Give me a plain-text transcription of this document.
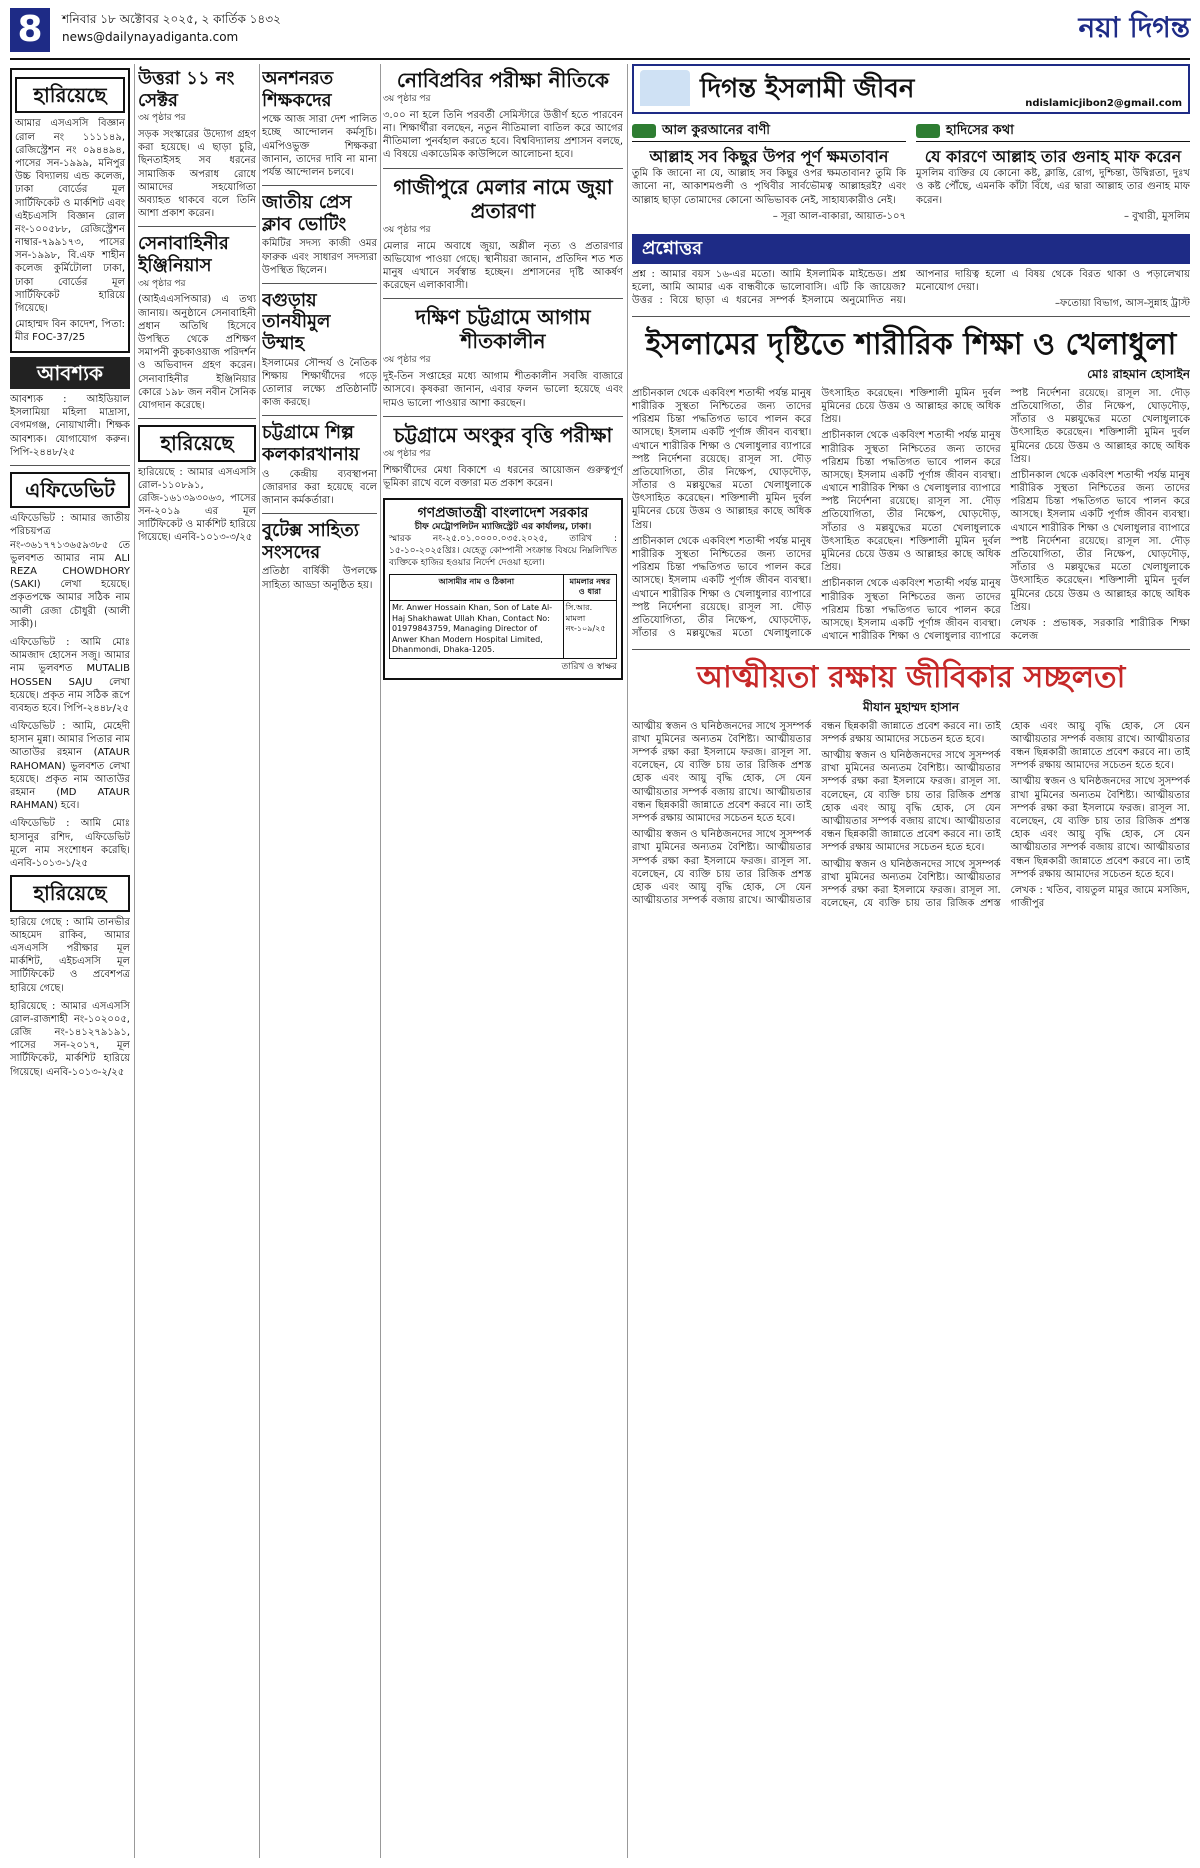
8	শনিবার ১৮ অক্টোবর ২০২৫, ২ কার্তিক ১৪৩২
news@dailynayadiganta.com	নয়া দিগন্ত
হারিয়েছে

আমার এসএসসি বিজ্ঞান রোল নং ১১১১৪৯, রেজিস্ট্রেশন নং ০৯৪৪৯৪, পাসের সন-১৯৯৯, মনিপুর উচ্চ বিদ্যালয় এন্ড কলেজ, ঢাকা বোর্ডের মূল সার্টিফিকেট ও মার্কশিট এবং এইচএসসি বিজ্ঞান রোল নং-১০০৫৮৮, রেজিস্ট্রেশন নাম্বার-৭৯৯১৭৩, পাসের সন-১৯৯৮, বি.এফ শাহীন কলেজ কুর্মিটোলা ঢাকা, ঢাকা বোর্ডের মূল সার্টিফিকেট হারিয়ে গিয়েছে।

মোহাম্মদ বিন কাদেশ, পিতা: মীর FOC-37/25

আবশ্যক

আবশ্যক : আইডিয়াল ইসলামিয়া মহিলা মাদ্রাসা, বেগমগঞ্জ, নোয়াখালী। শিক্ষক আবশ্যক। যোগাযোগ করুন। পিপি-২৪৪৮/২৫

এফিডেভিট

এফিডেভিট : আমার জাতীয় পরিচয়পত্র নং-৩৬১৭৭১৩৬৫৯৩৮৫ তে ভুলবশত আমার নাম ALI REZA CHOWDHORY (SAKI) লেখা হয়েছে। প্রকৃতপক্ষে আমার সঠিক নাম আলী রেজা চৌধুরী (আলী সাকী)।

এফিডেভিট : আমি মোঃ আমজাদ হোসেন সজু। আমার নাম ভুলবশত MUTALIB HOSSEN SAJU লেখা হয়েছে। প্রকৃত নাম সঠিক রূপে ব্যবহৃত হবে। পিপি-২৪৪৮/২৫

এফিডেভিট : আমি, মেহেদী হাসান মুন্না। আমার পিতার নাম আতাউর রহমান (ATAUR RAHOMAN) ভুলবশত লেখা হয়েছে। প্রকৃত নাম আতাউর রহমান (MD ATAUR RAHMAN) হবে।

এফিডেভিট : আমি মোঃ হাসানুর রশিদ, এফিডেভিট মূলে নাম সংশোধন করেছি। এনবি-১০১৩-১/২৫

হারিয়েছে

হারিয়ে গেছে : আমি তানভীর আহমেদ রাকিব, আমার এসএসসি পরীক্ষার মূল মার্কশিট, এইচএসসি মূল সার্টিফিকেট ও প্রবেশপত্র হারিয়ে গেছে।

হারিয়েছে : আমার এসএসসি রোল-রাজশাহী নং-১০২০০৫, রেজি নং-১৪১২৭৯১৯১, পাসের সন-২০১৭, মূল সার্টিফিকেট, মার্কশিট হারিয়ে গিয়েছে। এনবি-১০১৩-২/২৫

উত্তরা ১১ নং সেক্টর
৩য় পৃষ্ঠার পর

সড়ক সংস্কারের উদ্যোগ গ্রহণ করা হয়েছে। এ ছাড়া চুরি, ছিনতাইসহ সব ধরনের সামাজিক অপরাধ রোধে আমাদের সহযোগিতা অব্যাহত থাকবে বলে তিনি আশা প্রকাশ করেন।

সেনাবাহিনীর ইঞ্জিনিয়াস
৩য় পৃষ্ঠার পর

(আইএএসপিআর) এ তথ্য জানায়। অনুষ্ঠানে সেনাবাহিনী প্রধান অতিথি হিসেবে উপস্থিত থেকে প্রশিক্ষণ সমাপনী কুচকাওয়াজ পরিদর্শন ও অভিবাদন গ্রহণ করেন। সেনাবাহিনীর ইঞ্জিনিয়ার কোরে ১৯৮ জন নবীন সৈনিক যোগদান করেছে।

হারিয়েছে

হারিয়েছে : আমার এসএসসি রোল-১১০৮৯১, রেজি-১৬১৩৯৩০৬৩, পাসের সন-২০১৯ এর মূল সার্টিফিকেট ও মার্কশিট হারিয়ে গিয়েছে। এনবি-১০১৩-৩/২৫

অনশনরত শিক্ষকদের

পক্ষে আজ সারা দেশ পালিত হচ্ছে আন্দোলন কর্মসূচি। এমপিওভুক্ত শিক্ষকরা জানান, তাদের দাবি না মানা পর্যন্ত আন্দোলন চলবে।

জাতীয় প্রেস ক্লাব ভোটিং

কমিটির সদস্য কাজী ওমর ফারুক এবং সাধারণ সদস্যরা উপস্থিত ছিলেন।

বগুড়ায় তানযীমুল উম্মাহ

ইসলামের সৌন্দর্য ও নৈতিক শিক্ষায় শিক্ষার্থীদের গড়ে তোলার লক্ষ্যে প্রতিষ্ঠানটি কাজ করছে।

চট্টগ্রামে শিল্প কলকারখানায়

ও কেন্দ্রীয় ব্যবস্থাপনা জোরদার করা হয়েছে বলে জানান কর্মকর্তারা।

বুটেক্স সাহিত্য সংসদের

প্রতিষ্ঠা বার্ষিকী উপলক্ষে সাহিত্য আড্ডা অনুষ্ঠিত হয়।

নোবিপ্রবির পরীক্ষা নীতিকে
৩য় পৃষ্ঠার পর

৩.০০ না হলে তিনি পরবর্তী সেমিস্টারে উত্তীর্ণ হতে পারবেন না। শিক্ষার্থীরা বলছেন, নতুন নীতিমালা বাতিল করে আগের নীতিমালা পুনর্বহাল করতে হবে। বিশ্ববিদ্যালয় প্রশাসন বলছে, এ বিষয়ে একাডেমিক কাউন্সিলে আলোচনা হবে।

গাজীপুরে মেলার নামে জুয়া প্রতারণা
৩য় পৃষ্ঠার পর

মেলার নামে অবাধে জুয়া, অশ্লীল নৃত্য ও প্রতারণার অভিযোগ পাওয়া গেছে। স্থানীয়রা জানান, প্রতিদিন শত শত মানুষ এখানে সর্বস্বান্ত হচ্ছেন। প্রশাসনের দৃষ্টি আকর্ষণ করেছেন এলাকাবাসী।

দক্ষিণ চট্টগ্রামে আগাম শীতকালীন
৩য় পৃষ্ঠার পর

দুই-তিন সপ্তাহের মধ্যে আগাম শীতকালীন সবজি বাজারে আসবে। কৃষকরা জানান, এবার ফলন ভালো হয়েছে এবং দামও ভালো পাওয়ার আশা করছেন।

চট্টগ্রামে অংকুর বৃত্তি পরীক্ষা
৩য় পৃষ্ঠার পর

শিক্ষার্থীদের মেধা বিকাশে এ ধরনের আয়োজন গুরুত্বপূর্ণ ভূমিকা রাখে বলে বক্তারা মত প্রকাশ করেন।

গণপ্রজাতন্ত্রী বাংলাদেশ সরকার
চীফ মেট্রোপলিটন ম্যাজিস্ট্রেট এর কার্যালয়, ঢাকা।

স্মারক নং-২৫.০১.০০০০.০৩৫.২০২৫, তারিখ : ১৫-১০-২০২৫খ্রিঃ। যেহেতু কোম্পানী সংক্রান্ত বিষয়ে নিম্নলিখিত ব্যক্তিকে হাজির হওয়ার নির্দেশ দেওয়া হলো।

আসামীর নাম ও ঠিকানা	মামলার নম্বর ও ধারা
Mr. Anwer Hossain Khan, Son of Late Al-Haj Shakhawat Ullah Khan, Contact No: 01979843759, Managing Director of Anwer Khan Modern Hospital Limited, Dhanmondi, Dhaka-1205.	সি.আর. মামলা নং-১০৯/২৫
তারিখ ও স্বাক্ষর
দিগন্ত ইসলামী জীবন	ndislamicjibon2@gmail.com
আল কুরআনের বাণী
আল্লাহ সব কিছুর উপর পূর্ণ ক্ষমতাবান

তুমি কি জানো না যে, আল্লাহ সব কিছুর ওপর ক্ষমতাবান? তুমি কি জানো না, আকাশমণ্ডলী ও পৃথিবীর সার্বভৌমত্ব আল্লাহরই? এবং আল্লাহ ছাড়া তোমাদের কোনো অভিভাবক নেই, সাহায্যকারীও নেই।

– সূরা আল-বাকারা, আয়াত-১০৭

হাদিসের কথা
যে কারণে আল্লাহ তার গুনাহ মাফ করেন

মুসলিম ব্যক্তির যে কোনো কষ্ট, ক্লান্তি, রোগ, দুশ্চিন্তা, উদ্বিগ্নতা, দুঃখ ও কষ্ট পৌঁছে, এমনকি কাঁটা বিঁধে, এর দ্বারা আল্লাহ তার গুনাহ মাফ করেন।

– বুখারী, মুসলিম

প্রশ্নোত্তর

প্রশ্ন : আমার বয়স ১৬-এর মতো। আমি ইসলামিক মাইন্ডেড। প্রশ্ন হলো, আমি আমার এক বান্ধবীকে ভালোবাসি। এটি কি জায়েজ? উত্তর : বিয়ে ছাড়া এ ধরনের সম্পর্ক ইসলামে অনুমোদিত নয়। আপনার দায়িত্ব হলো এ বিষয় থেকে বিরত থাকা ও পড়ালেখায় মনোযোগ দেয়া।

–ফতোয়া বিভাগ, আস-সুন্নাহ ট্রাস্ট

ইসলামের দৃষ্টিতে শারীরিক শিক্ষা ও খেলাধুলা
মোঃ রাহমান হোসাইন

প্রাচীনকাল থেকে একবিংশ শতাব্দী পর্যন্ত মানুষ শারীরিক সুস্থতা নিশ্চিতের জন্য তাদের পরিশ্রম চিন্তা পদ্ধতিগত ভাবে পালন করে আসছে। ইসলাম একটি পূর্ণাঙ্গ জীবন ব্যবস্থা। এখানে শারীরিক শিক্ষা ও খেলাধুলার ব্যাপারে স্পষ্ট নির্দেশনা রয়েছে। রাসূল সা. দৌড় প্রতিযোগিতা, তীর নিক্ষেপ, ঘোড়দৌড়, সাঁতার ও মল্লযুদ্ধের মতো খেলাধুলাকে উৎসাহিত করেছেন। শক্তিশালী মুমিন দুর্বল মুমিনের চেয়ে উত্তম ও আল্লাহর কাছে অধিক প্রিয়।

প্রাচীনকাল থেকে একবিংশ শতাব্দী পর্যন্ত মানুষ শারীরিক সুস্থতা নিশ্চিতের জন্য তাদের পরিশ্রম চিন্তা পদ্ধতিগত ভাবে পালন করে আসছে। ইসলাম একটি পূর্ণাঙ্গ জীবন ব্যবস্থা। এখানে শারীরিক শিক্ষা ও খেলাধুলার ব্যাপারে স্পষ্ট নির্দেশনা রয়েছে। রাসূল সা. দৌড় প্রতিযোগিতা, তীর নিক্ষেপ, ঘোড়দৌড়, সাঁতার ও মল্লযুদ্ধের মতো খেলাধুলাকে উৎসাহিত করেছেন। শক্তিশালী মুমিন দুর্বল মুমিনের চেয়ে উত্তম ও আল্লাহর কাছে অধিক প্রিয়।

প্রাচীনকাল থেকে একবিংশ শতাব্দী পর্যন্ত মানুষ শারীরিক সুস্থতা নিশ্চিতের জন্য তাদের পরিশ্রম চিন্তা পদ্ধতিগত ভাবে পালন করে আসছে। ইসলাম একটি পূর্ণাঙ্গ জীবন ব্যবস্থা। এখানে শারীরিক শিক্ষা ও খেলাধুলার ব্যাপারে স্পষ্ট নির্দেশনা রয়েছে। রাসূল সা. দৌড় প্রতিযোগিতা, তীর নিক্ষেপ, ঘোড়দৌড়, সাঁতার ও মল্লযুদ্ধের মতো খেলাধুলাকে উৎসাহিত করেছেন। শক্তিশালী মুমিন দুর্বল মুমিনের চেয়ে উত্তম ও আল্লাহর কাছে অধিক প্রিয়।

প্রাচীনকাল থেকে একবিংশ শতাব্দী পর্যন্ত মানুষ শারীরিক সুস্থতা নিশ্চিতের জন্য তাদের পরিশ্রম চিন্তা পদ্ধতিগত ভাবে পালন করে আসছে। ইসলাম একটি পূর্ণাঙ্গ জীবন ব্যবস্থা। এখানে শারীরিক শিক্ষা ও খেলাধুলার ব্যাপারে স্পষ্ট নির্দেশনা রয়েছে। রাসূল সা. দৌড় প্রতিযোগিতা, তীর নিক্ষেপ, ঘোড়দৌড়, সাঁতার ও মল্লযুদ্ধের মতো খেলাধুলাকে উৎসাহিত করেছেন। শক্তিশালী মুমিন দুর্বল মুমিনের চেয়ে উত্তম ও আল্লাহর কাছে অধিক প্রিয়।

প্রাচীনকাল থেকে একবিংশ শতাব্দী পর্যন্ত মানুষ শারীরিক সুস্থতা নিশ্চিতের জন্য তাদের পরিশ্রম চিন্তা পদ্ধতিগত ভাবে পালন করে আসছে। ইসলাম একটি পূর্ণাঙ্গ জীবন ব্যবস্থা। এখানে শারীরিক শিক্ষা ও খেলাধুলার ব্যাপারে স্পষ্ট নির্দেশনা রয়েছে। রাসূল সা. দৌড় প্রতিযোগিতা, তীর নিক্ষেপ, ঘোড়দৌড়, সাঁতার ও মল্লযুদ্ধের মতো খেলাধুলাকে উৎসাহিত করেছেন। শক্তিশালী মুমিন দুর্বল মুমিনের চেয়ে উত্তম ও আল্লাহর কাছে অধিক প্রিয়।

লেখক : প্রভাষক, সরকারি শারীরিক শিক্ষা কলেজ

আত্মীয়তা রক্ষায় জীবিকার সচ্ছলতা
মীযান মুহাম্মদ হাসান

আত্মীয় স্বজন ও ঘনিষ্ঠজনদের সাথে সুসম্পর্ক রাখা মুমিনের অন্যতম বৈশিষ্ট্য। আত্মীয়তার সম্পর্ক রক্ষা করা ইসলামে ফরজ। রাসূল সা. বলেছেন, যে ব্যক্তি চায় তার রিজিক প্রশস্ত হোক এবং আয়ু বৃদ্ধি হোক, সে যেন আত্মীয়তার সম্পর্ক বজায় রাখে। আত্মীয়তার বন্ধন ছিন্নকারী জান্নাতে প্রবেশ করবে না। তাই সম্পর্ক রক্ষায় আমাদের সচেতন হতে হবে।

আত্মীয় স্বজন ও ঘনিষ্ঠজনদের সাথে সুসম্পর্ক রাখা মুমিনের অন্যতম বৈশিষ্ট্য। আত্মীয়তার সম্পর্ক রক্ষা করা ইসলামে ফরজ। রাসূল সা. বলেছেন, যে ব্যক্তি চায় তার রিজিক প্রশস্ত হোক এবং আয়ু বৃদ্ধি হোক, সে যেন আত্মীয়তার সম্পর্ক বজায় রাখে। আত্মীয়তার বন্ধন ছিন্নকারী জান্নাতে প্রবেশ করবে না। তাই সম্পর্ক রক্ষায় আমাদের সচেতন হতে হবে।

আত্মীয় স্বজন ও ঘনিষ্ঠজনদের সাথে সুসম্পর্ক রাখা মুমিনের অন্যতম বৈশিষ্ট্য। আত্মীয়তার সম্পর্ক রক্ষা করা ইসলামে ফরজ। রাসূল সা. বলেছেন, যে ব্যক্তি চায় তার রিজিক প্রশস্ত হোক এবং আয়ু বৃদ্ধি হোক, সে যেন আত্মীয়তার সম্পর্ক বজায় রাখে। আত্মীয়তার বন্ধন ছিন্নকারী জান্নাতে প্রবেশ করবে না। তাই সম্পর্ক রক্ষায় আমাদের সচেতন হতে হবে।

আত্মীয় স্বজন ও ঘনিষ্ঠজনদের সাথে সুসম্পর্ক রাখা মুমিনের অন্যতম বৈশিষ্ট্য। আত্মীয়তার সম্পর্ক রক্ষা করা ইসলামে ফরজ। রাসূল সা. বলেছেন, যে ব্যক্তি চায় তার রিজিক প্রশস্ত হোক এবং আয়ু বৃদ্ধি হোক, সে যেন আত্মীয়তার সম্পর্ক বজায় রাখে। আত্মীয়তার বন্ধন ছিন্নকারী জান্নাতে প্রবেশ করবে না। তাই সম্পর্ক রক্ষায় আমাদের সচেতন হতে হবে।

আত্মীয় স্বজন ও ঘনিষ্ঠজনদের সাথে সুসম্পর্ক রাখা মুমিনের অন্যতম বৈশিষ্ট্য। আত্মীয়তার সম্পর্ক রক্ষা করা ইসলামে ফরজ। রাসূল সা. বলেছেন, যে ব্যক্তি চায় তার রিজিক প্রশস্ত হোক এবং আয়ু বৃদ্ধি হোক, সে যেন আত্মীয়তার সম্পর্ক বজায় রাখে। আত্মীয়তার বন্ধন ছিন্নকারী জান্নাতে প্রবেশ করবে না। তাই সম্পর্ক রক্ষায় আমাদের সচেতন হতে হবে।

লেখক : খতিব, বায়তুল মামুর জামে মসজিদ, গাজীপুর
